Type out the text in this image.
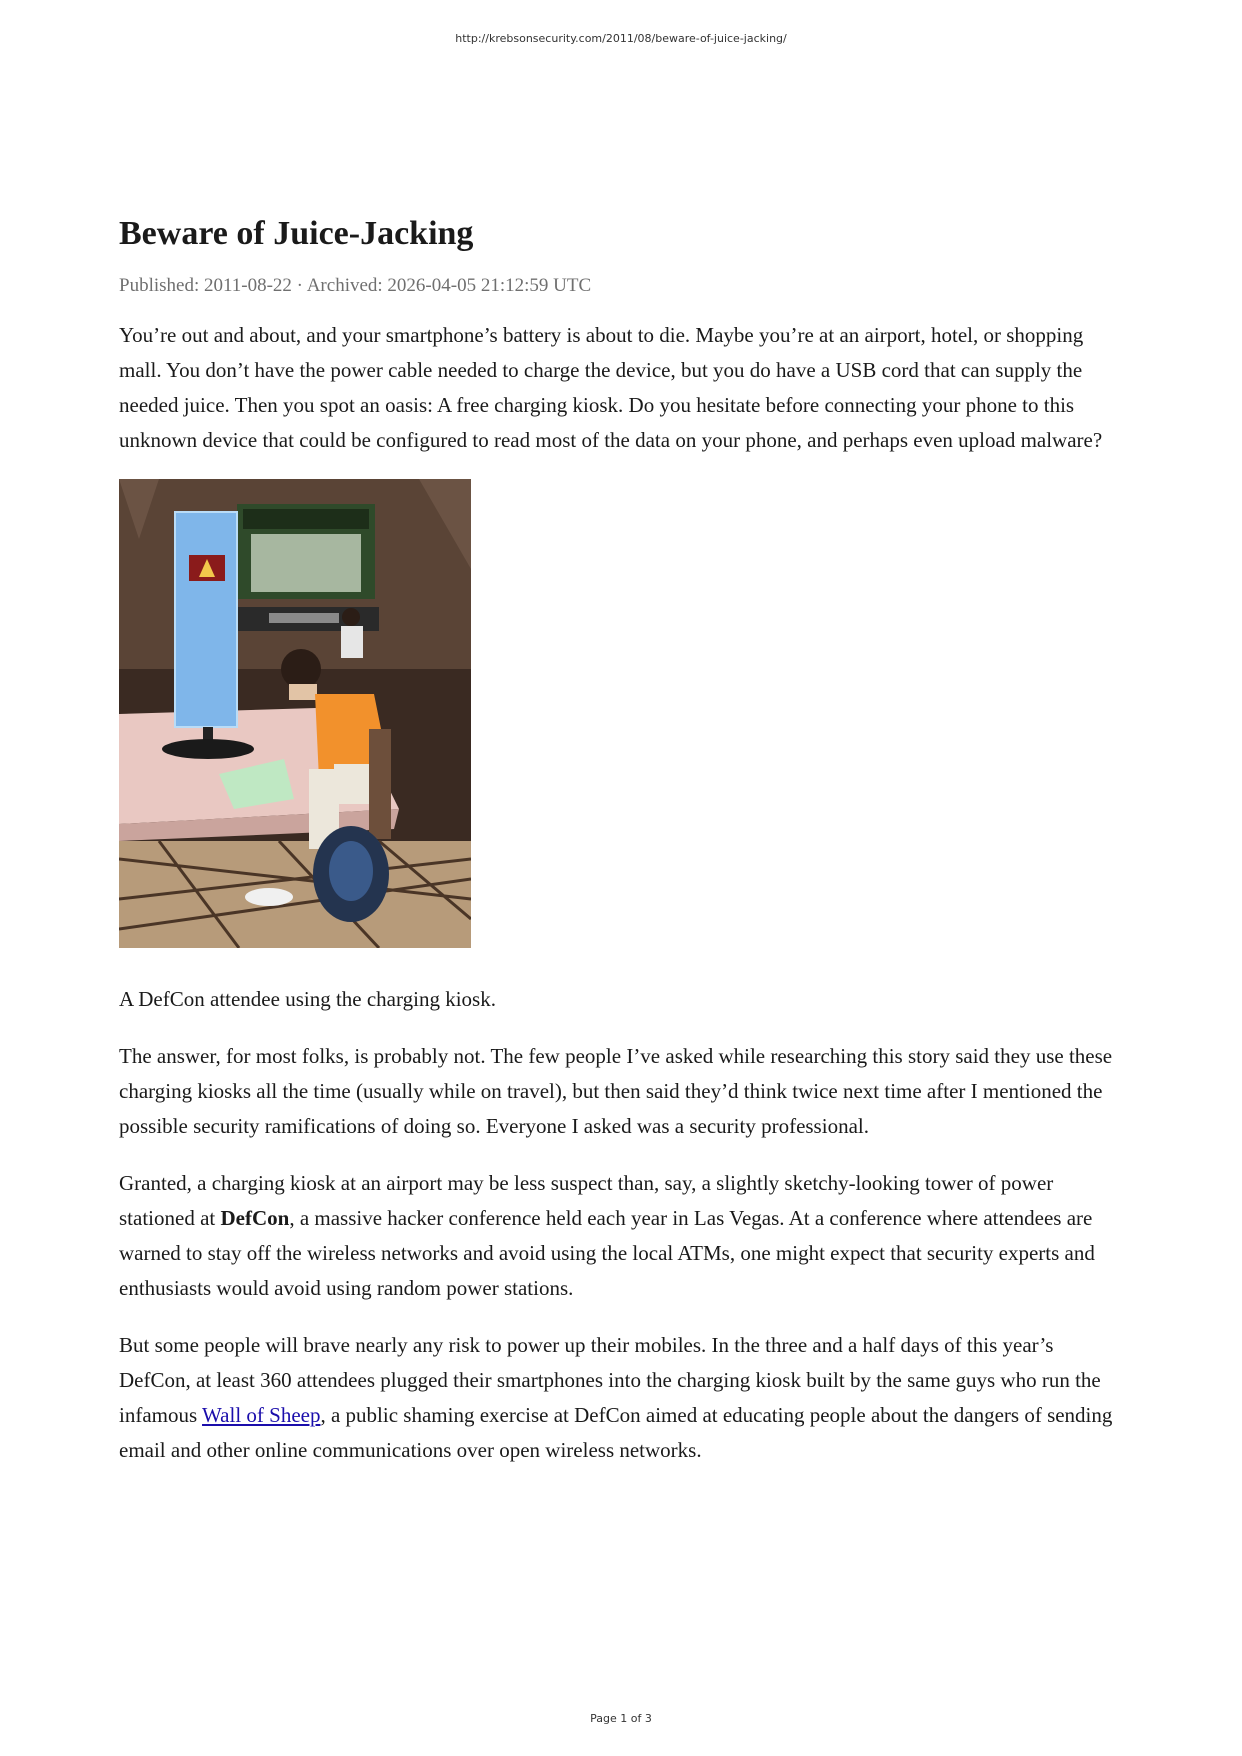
http://krebsonsecurity.com/2011/08/beware-of-juice-jacking/
Beware of Juice-Jacking
Published: 2011-08-22 · Archived: 2026-04-05 21:12:59 UTC

You’re out and about, and your smartphone’s battery is about to die. Maybe you’re at an airport, hotel, or shopping mall. You don’t have the power cable needed to charge the device, but you do have a USB cord that can supply the needed juice. Then you spot an oasis: A free charging kiosk. Do you hesitate before connecting your phone to this unknown device that could be configured to read most of the data on your phone, and perhaps even upload malware?

A DefCon attendee using the charging kiosk.

The answer, for most folks, is probably not. The few people I’ve asked while researching this story said they use these charging kiosks all the time (usually while on travel), but then said they’d think twice next time after I mentioned the possible security ramifications of doing so. Everyone I asked was a security professional.

Granted, a charging kiosk at an airport may be less suspect than, say, a slightly sketchy-looking tower of power stationed at DefCon, a massive hacker conference held each year in Las Vegas. At a conference where attendees are warned to stay off the wireless networks and avoid using the local ATMs, one might expect that security experts and enthusiasts would avoid using random power stations.

But some people will brave nearly any risk to power up their mobiles. In the three and a half days of this year’s DefCon, at least 360 attendees plugged their smartphones into the charging kiosk built by the same guys who run the infamous Wall of Sheep, a public shaming exercise at DefCon aimed at educating people about the dangers of sending email and other online communications over open wireless networks.

Page 1 of 3
